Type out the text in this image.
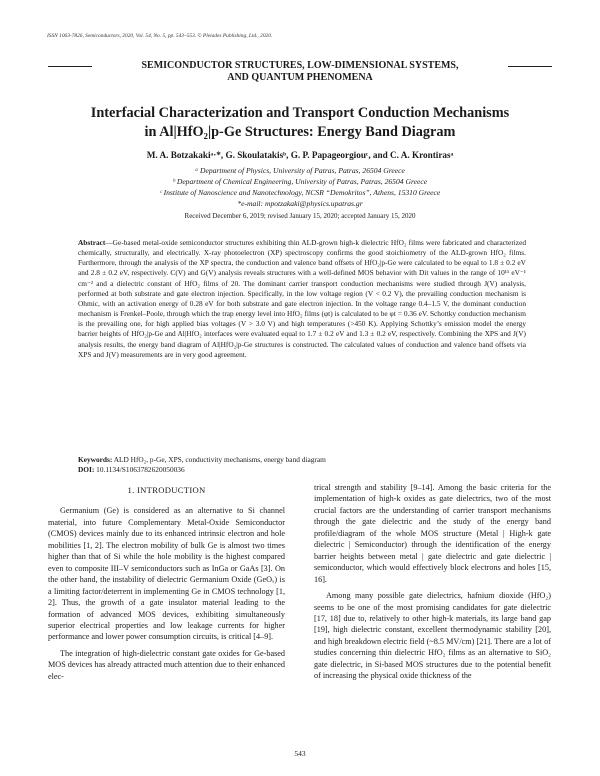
ISSN 1063-7826, Semiconductors, 2020, Vol. 54, No. 5, pp. 543–553. © Pleiades Publishing, Ltd., 2020.
SEMICONDUCTOR STRUCTURES, LOW-DIMENSIONAL SYSTEMS,
AND QUANTUM PHENOMENA
Interfacial Characterization and Transport Conduction Mechanisms
in Al|HfO₂|p-Ge Structures: Energy Band Diagram
M. A. Botzakakiᵃ·*, G. Skoulatakisᵇ, G. P. Papageorgiouᶜ, and C. A. Krontirasᵃ
ᵃ Department of Physics, University of Patras, Patras, 26504 Greece
ᵇ Department of Chemical Engineering, University of Patras, Patras, 26504 Greece
ᶜ Institute of Nanoscience and Nanotechnology, NCSR “Demokritos”, Athens, 15310 Greece
*e-mail: mpotzakaki@physics.upatras.gr
Received December 6, 2019; revised January 15, 2020; accepted January 15, 2020
Abstract—Ge-based metal-oxide semiconductor structures exhibiting thin ALD-grown high-k dielectric HfO₂ films were fabricated and characterized chemically, structurally, and electrically. X-ray photoelectron (XP) spectroscopy confirms the good stoichiometry of the ALD-grown HfO₂ films. Furthermore, through the analysis of the XP spectra, the conduction and valence band offsets of HfO₂|p-Ge were calculated to be equal to 1.8 ± 0.2 eV and 2.8 ± 0.2 eV, respectively. C(V) and G(V) analysis reveals structures with a well-defined MOS behavior with Dit values in the range of 10¹¹ eV⁻¹ cm⁻² and a dielectric constant of HfO₂ films of 20. The dominant carrier transport conduction mechanisms were studied through J(V) analysis, performed at both substrate and gate electron injection. Specifically, in the low voltage region (V < 0.2 V), the prevailing conduction mechanism is Ohmic, with an activation energy of 0.28 eV for both substrate and gate electron injection. In the voltage range 0.4–1.5 V, the dominant conduction mechanism is Frenkel–Poole, through which the trap energy level into HfO₂ films (φt) is calculated to be φt = 0.36 eV. Schottky conduction mechanism is the prevailing one, for high applied bias voltages (V > 3.0 V) and high temperatures (>450 K). Applying Schottky’s emission model the energy barrier heights of HfO₂|p-Ge and Al|HfO₂ interfaces were evaluated equal to 1.7 ± 0.2 eV and 1.3 ± 0.2 eV, respectively. Combining the XPS and J(V) analysis results, the energy band diagram of Al|HfO₂|p-Ge structures is constructed. The calculated values of conduction and valence band offsets via XPS and J(V) measurements are in very good agreement.
Keywords: ALD HfO₂, p-Ge, XPS, conductivity mechanisms, energy band diagram
DOI: 10.1134/S1063782620050036
1. INTRODUCTION

Germanium (Ge) is considered as an alternative to Si channel material, into future Complementary Metal-Oxide Semiconductor (CMOS) devices mainly due to its enhanced intrinsic electron and hole mobilities [1, 2]. The electron mobility of bulk Ge is almost two times higher than that of Si while the hole mobility is the highest compared even to composite III–V semiconductors such as InGa or GaAs [3]. On the other hand, the instability of dielectric Germanium Oxide (GeOₓ) is a limiting factor/deterrent in implementing Ge in CMOS technology [1, 2]. Thus, the growth of a gate insulator material leading to the formation of advanced MOS devices, exhibiting simultaneously superior electrical properties and low leakage currents for higher performance and lower power consumption circuits, is critical [4–9].

The integration of high-dielectric constant gate oxides for Ge-based MOS devices has already attracted much attention due to their enhanced elec-

trical strength and stability [9–14]. Among the basic criteria for the implementation of high-k oxides as gate dielectrics, two of the most crucial factors are the understanding of carrier transport mechanisms through the gate dielectric and the study of the energy band profile/diagram of the whole MOS structure (Metal | High-k gate dielectric | Semiconductor) through the identification of the energy barrier heights between metal | gate dielectric and gate dielectric | semiconductor, which would effectively block electrons and holes [15, 16].

Among many possible gate dielectrics, hafnium dioxide (HfO₂) seems to be one of the most promising candidates for gate dielectric [17, 18] due to, relatively to other high-k materials, its large band gap [19], high dielectric constant, excellent thermodynamic stability [20], and high breakdown electric field (~8.5 MV/cm) [21]. There are a lot of studies concerning thin dielectric HfO₂ films as an alternative to SiO₂ gate dielectric, in Si-based MOS structures due to the potential benefit of increasing the physical oxide thickness of the

543
